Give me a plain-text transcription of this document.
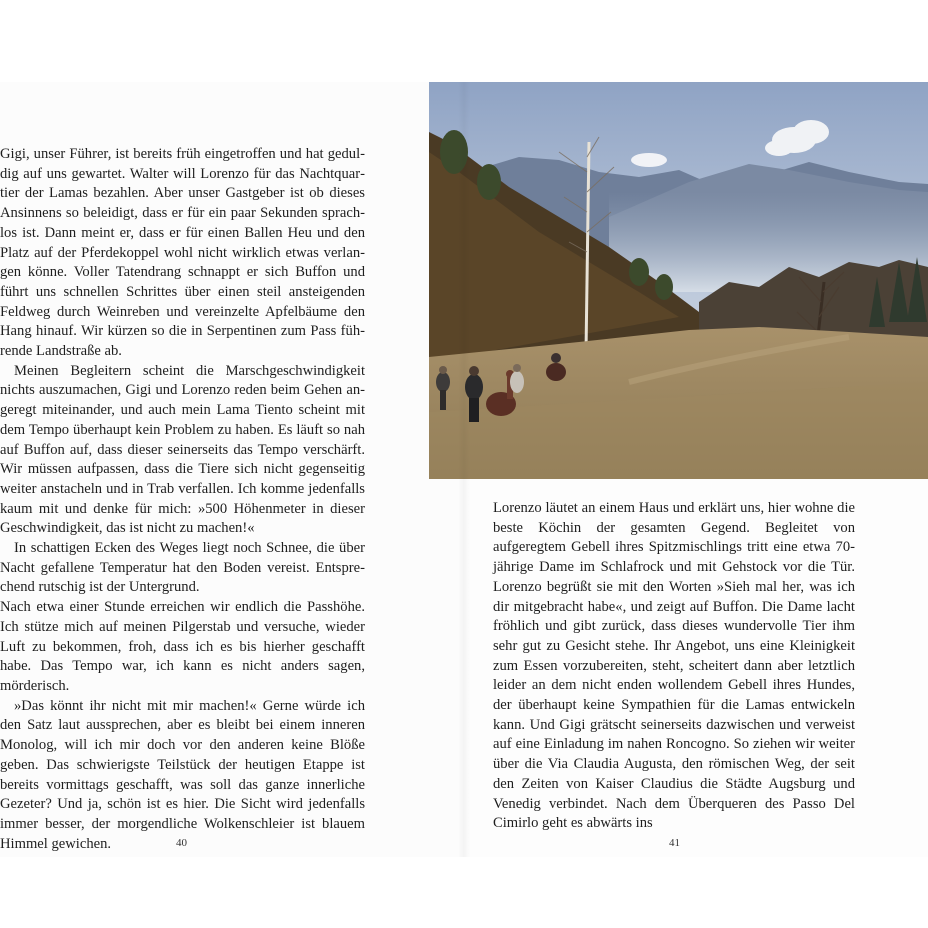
Gigi, unser Führer, ist bereits früh eingetroffen und hat geduldig auf uns gewartet. Walter will Lorenzo für das Nachtquartier der Lamas bezahlen. Aber unser Gastgeber ist ob dieses Ansinnens so beleidigt, dass er für ein paar Sekunden sprachlos ist. Dann meint er, dass er für einen Ballen Heu und den Platz auf der Pferdekoppel wohl nicht wirklich etwas verlangen könne. Voller Tatendrang schnappt er sich Buffon und führt uns schnellen Schrittes über einen steil ansteigenden Feldweg durch Weinreben und vereinzelte Apfelbäume den Hang hinauf. Wir kürzen so die in Serpentinen zum Pass führende Landstraße ab.

Meinen Begleitern scheint die Marschgeschwindigkeit nichts auszumachen, Gigi und Lorenzo reden beim Gehen angeregt miteinander, und auch mein Lama Tiento scheint mit dem Tempo überhaupt kein Problem zu haben. Es läuft so nah auf Buffon auf, dass dieser seinerseits das Tempo verschärft. Wir müssen aufpassen, dass die Tiere sich nicht gegenseitig weiter anstacheln und in Trab verfallen. Ich komme jedenfalls kaum mit und denke für mich: »500 Höhenmeter in dieser Geschwindigkeit, das ist nicht zu machen!«

In schattigen Ecken des Weges liegt noch Schnee, die über Nacht gefallene Temperatur hat den Boden vereist. Entsprechend rutschig ist der Untergrund.

Nach etwa einer Stunde erreichen wir endlich die Passhöhe. Ich stütze mich auf meinen Pilgerstab und versuche, wieder Luft zu bekommen, froh, dass ich es bis hierher geschafft habe. Das Tempo war, ich kann es nicht anders sagen, mörderisch.

»Das könnt ihr nicht mit mir machen!« Gerne würde ich den Satz laut aussprechen, aber es bleibt bei einem inneren Monolog, will ich mir doch vor den anderen keine Blöße geben. Das schwierigste Teilstück der heutigen Etappe ist bereits vormittags geschafft, was soll das ganze innerliche Gezeter? Und ja, schön ist es hier. Die Sicht wird jedenfalls immer besser, der morgendliche Wolkenschleier ist blauem Himmel gewichen.	40

Lorenzo läutet an einem Haus und erklärt uns, hier wohne die beste Köchin der gesamten Gegend. Begleitet von aufgeregtem Gebell ihres Spitzmischlings tritt eine etwa 70-jährige Dame im Schlafrock und mit Gehstock vor die Tür. Lorenzo begrüßt sie mit den Worten »Sieh mal her, was ich dir mitgebracht habe«, und zeigt auf Buffon. Die Dame lacht fröhlich und gibt zurück, dass dieses wundervolle Tier ihm sehr gut zu Gesicht stehe. Ihr Angebot, uns eine Kleinigkeit zum Essen vorzubereiten, steht, scheitert dann aber letztlich leider an dem nicht enden wollendem Gebell ihres Hundes, der überhaupt keine Sympathien für die Lamas entwickeln kann. Und Gigi grätscht seinerseits dazwischen und verweist auf eine Einladung im nahen Roncogno. So ziehen wir weiter über die Via Claudia Augusta, den römischen Weg, der seit den Zeiten von Kaiser Claudius die Städte Augsburg und Venedig verbindet. Nach dem Überqueren des Passo Del Cimirlo geht es abwärts ins

41
